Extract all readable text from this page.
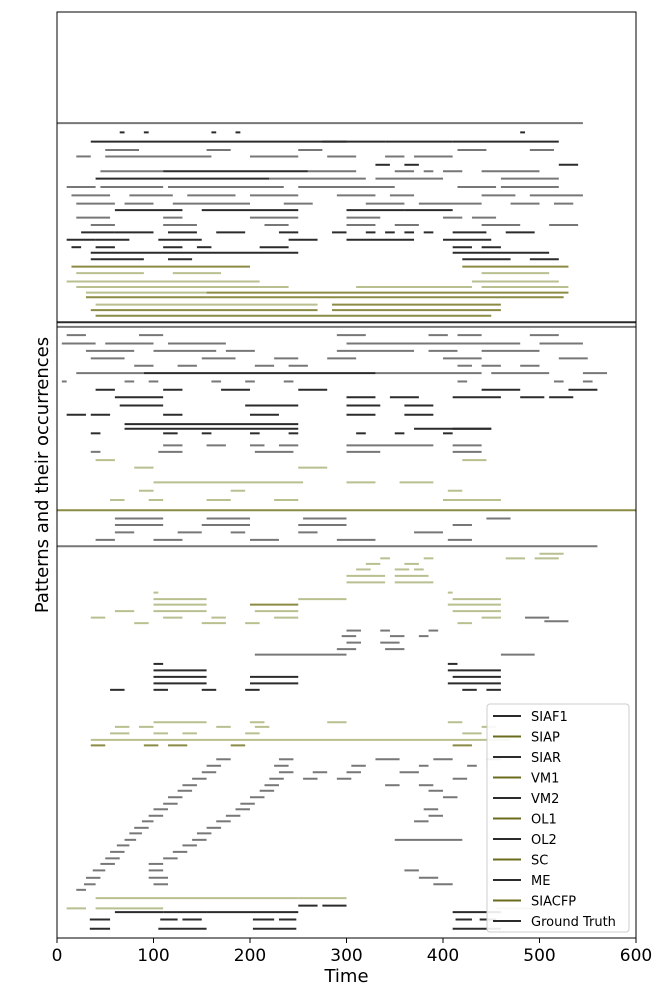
0	100	200	300	400	500	600
Time
Patterns and their occurrences
SIAF1
SIAP
SIAR
VM1
VM2
OL1
OL2
SC
ME
SIACFP
Ground Truth
